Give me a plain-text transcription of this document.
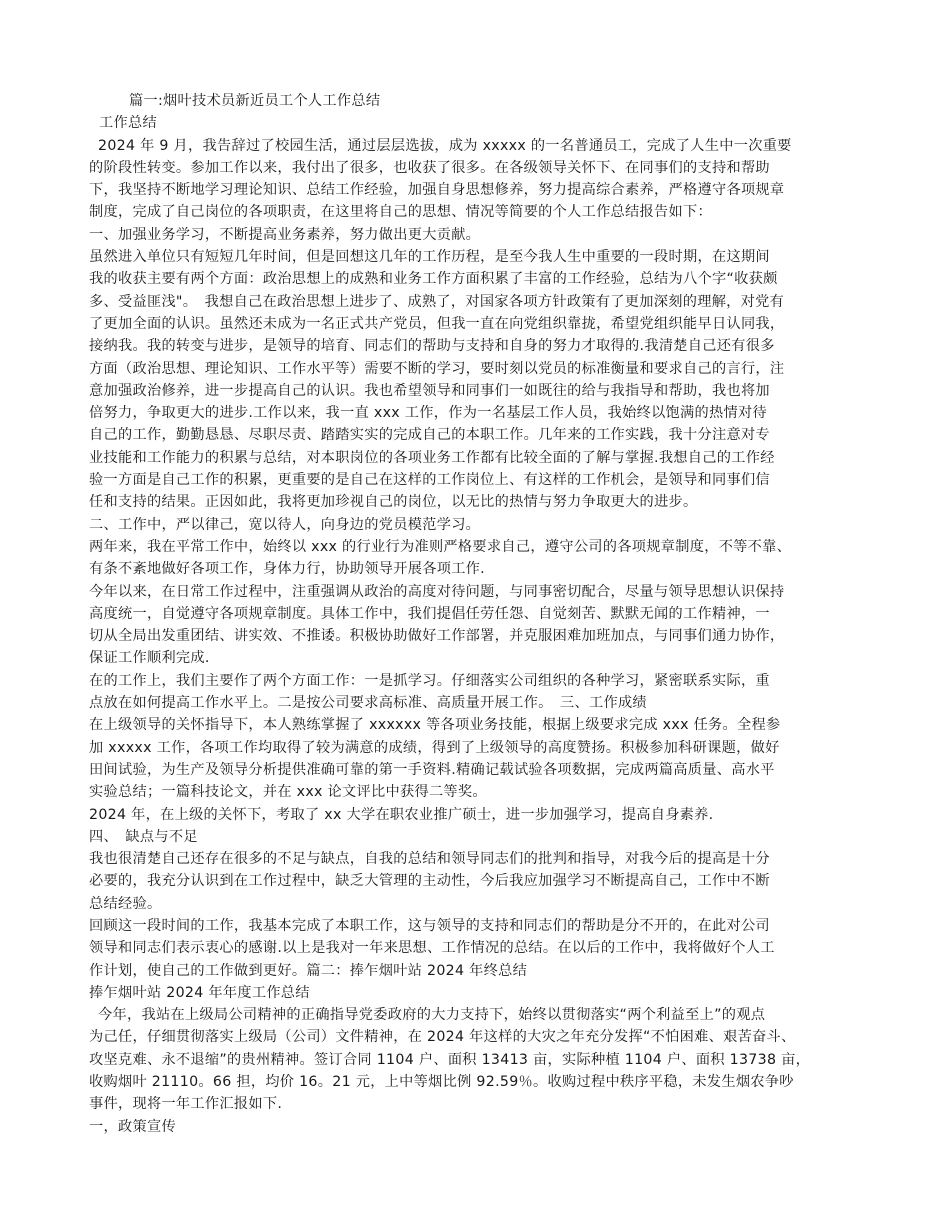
篇一:烟叶技术员新近员工个人工作总结
工作总结
2024 年 9 月，我告辞过了校园生活，通过层层选拔，成为 xxxxx 的一名普通员工，完成了人生中一次重要
的阶段性转变。参加工作以来，我付出了很多，也收获了很多。在各级领导关怀下、在同事们的支持和帮助
下，我坚持不断地学习理论知识、总结工作经验，加强自身思想修养，努力提高综合素养，严格遵守各项规章
制度，完成了自己岗位的各项职责，在这里将自己的思想、情况等简要的个人工作总结报告如下：
一、加强业务学习，不断提高业务素养，努力做出更大贡献。
虽然进入单位只有短短几年时间，但是回想这几年的工作历程，是至今我人生中重要的一段时期，在这期间
我的收获主要有两个方面：政治思想上的成熟和业务工作方面积累了丰富的工作经验，总结为八个字“收获颇
多、受益匪浅"。　我想自己在政治思想上进步了、成熟了，对国家各项方针政策有了更加深刻的理解，对党有
了更加全面的认识。虽然还未成为一名正式共产党员，但我一直在向党组织靠拢，希望党组织能早日认同我，
接纳我。我的转变与进步，是领导的培育、同志们的帮助与支持和自身的努力才取得的.我清楚自己还有很多
方面（政治思想、理论知识、工作水平等）需要不断的学习，要时刻以党员的标准衡量和要求自己的言行，注
意加强政治修养，进一步提高自己的认识。我也希望领导和同事们一如既往的给与我指导和帮助，我也将加
倍努力，争取更大的进步.工作以来，我一直 xxx 工作，作为一名基层工作人员，我始终以饱满的热情对待
自己的工作，勤勤恳恳、尽职尽责、踏踏实实的完成自己的本职工作。几年来的工作实践，我十分注意对专
业技能和工作能力的积累与总结，对本职岗位的各项业务工作都有比较全面的了解与掌握.我想自己的工作经
验一方面是自己工作的积累，更重要的是自己在这样的工作岗位上、有这样的工作机会，是领导和同事们信
任和支持的结果。正因如此，我将更加珍视自己的岗位，以无比的热情与努力争取更大的进步。
二、工作中，严以律己，宽以待人，向身边的党员模范学习。
两年来，我在平常工作中，始终以 xxx 的行业行为准则严格要求自己，遵守公司的各项规章制度，不等不靠、
有条不紊地做好各项工作，身体力行，协助领导开展各项工作.
今年以来，在日常工作过程中，注重强调从政治的高度对待问题，与同事密切配合，尽量与领导思想认识保持
高度统一，自觉遵守各项规章制度。具体工作中，我们提倡任劳任怨、自觉刻苦、默默无闻的工作精神，一
切从全局出发重团结、讲实效、不推诿。积极协助做好工作部署，并克服困难加班加点，与同事们通力协作，
保证工作顺利完成.
在的工作上，我们主要作了两个方面工作：一是抓学习。仔细落实公司组织的各种学习，紧密联系实际，重
点放在如何提高工作水平上。二是按公司要求高标准、高质量开展工作。　三、工作成绩
在上级领导的关怀指导下，本人熟练掌握了 xxxxxx 等各项业务技能，根据上级要求完成 xxx 任务。全程参
加 xxxxx 工作，各项工作均取得了较为满意的成绩，得到了上级领导的高度赞扬。积极参加科研课题，做好
田间试验，为生产及领导分析提供准确可靠的第一手资料.精确记载试验各项数据，完成两篇高质量、高水平
实验总结；一篇科技论文，并在 xxx 论文评比中获得二等奖。
2024 年，在上级的关怀下，考取了 xx 大学在职农业推广硕士，进一步加强学习，提高自身素养.
四、　缺点与不足
我也很清楚自己还存在很多的不足与缺点，自我的总结和领导同志们的批判和指导，对我今后的提高是十分
必要的，我充分认识到在工作过程中，缺乏大管理的主动性，今后我应加强学习不断提高自己，工作中不断
总结经验。
回顾这一段时间的工作，我基本完成了本职工作，这与领导的支持和同志们的帮助是分不开的，在此对公司
领导和同志们表示衷心的感谢.以上是我对一年来思想、工作情况的总结。在以后的工作中，我将做好个人工
作计划，使自己的工作做到更好。篇二：捧乍烟叶站 2024 年终总结
捧乍烟叶站 2024 年年度工作总结
今年，我站在上级局公司精神的正确指导党委政府的大力支持下，始终以贯彻落实“两个利益至上”的观点
为己任，仔细贯彻落实上级局（公司）文件精神，在 2024 年这样的大灾之年充分发挥“不怕困难、艰苦奋斗、
攻坚克难、永不退缩”的贵州精神。签订合同 1104 户、面积 13413 亩，实际种植 1104 户、面积 13738 亩，
收购烟叶 21110。66 担，均价 16。21 元，上中等烟比例 92.59％。收购过程中秩序平稳，未发生烟农争吵
事件，现将一年工作汇报如下.
一，政策宣传
